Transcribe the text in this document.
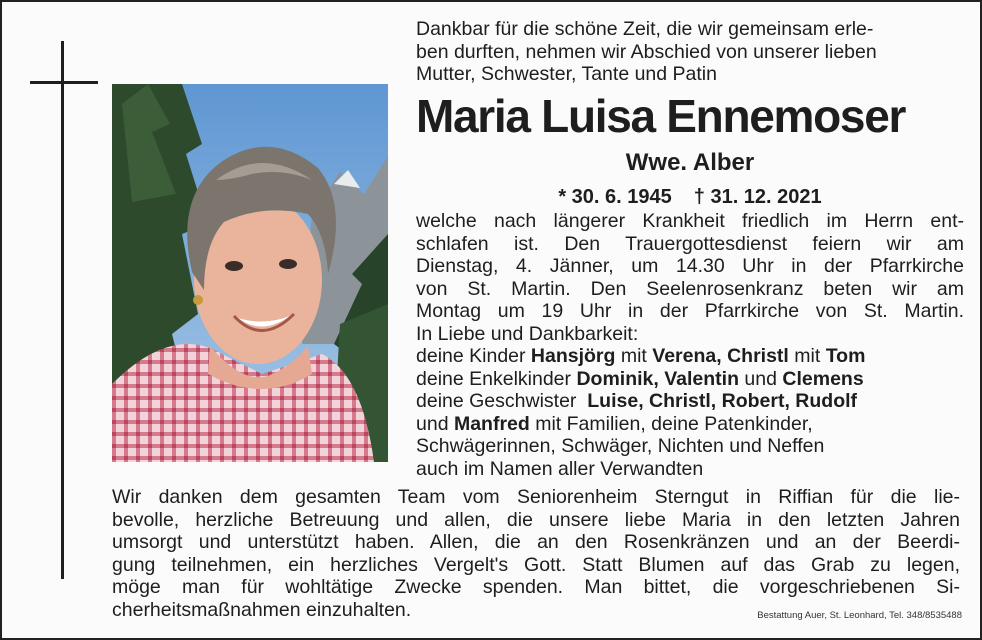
Dankbar für die schöne Zeit, die wir gemeinsam erle-
ben durften, nehmen wir Abschied von unserer lieben
Mutter, Schwester, Tante und Patin

Maria Luisa Ennemoser
Wwe. Alber
* 30. 6. 1945 † 31. 12. 2021
welche nach längerer Krankheit friedlich im Herrn ent-
schlafen ist. Den Trauergottesdienst feiern wir am
Dienstag, 4. Jänner, um 14.30 Uhr in der Pfarrkirche
von St. Martin. Den Seelenrosenkranz beten wir am
Montag um 19 Uhr in der Pfarrkirche von St. Martin.
In Liebe und Dankbarkeit:
deine Kinder Hansjörg mit Verena, Christl mit Tom
deine Enkelkinder Dominik, Valentin und Clemens
deine Geschwister Luise, Christl, Robert, Rudolf
und Manfred mit Familien, deine Patenkinder,
Schwägerinnen, Schwäger, Nichten und Neffen
auch im Namen aller Verwandten
Wir danken dem gesamten Team vom Seniorenheim Sterngut in Riffian für die lie-
bevolle, herzliche Betreuung und allen, die unsere liebe Maria in den letzten Jahren
umsorgt und unterstützt haben. Allen, die an den Rosenkränzen und an der Beerdi-
gung teilnehmen, ein herzliches Vergelt's Gott. Statt Blumen auf das Grab zu legen,
möge man für wohltätige Zwecke spenden. Man bittet, die vorgeschriebenen Si-
cherheitsmaßnahmen einzuhalten.	Bestattung Auer, St. Leonhard, Tel. 348/8535488
